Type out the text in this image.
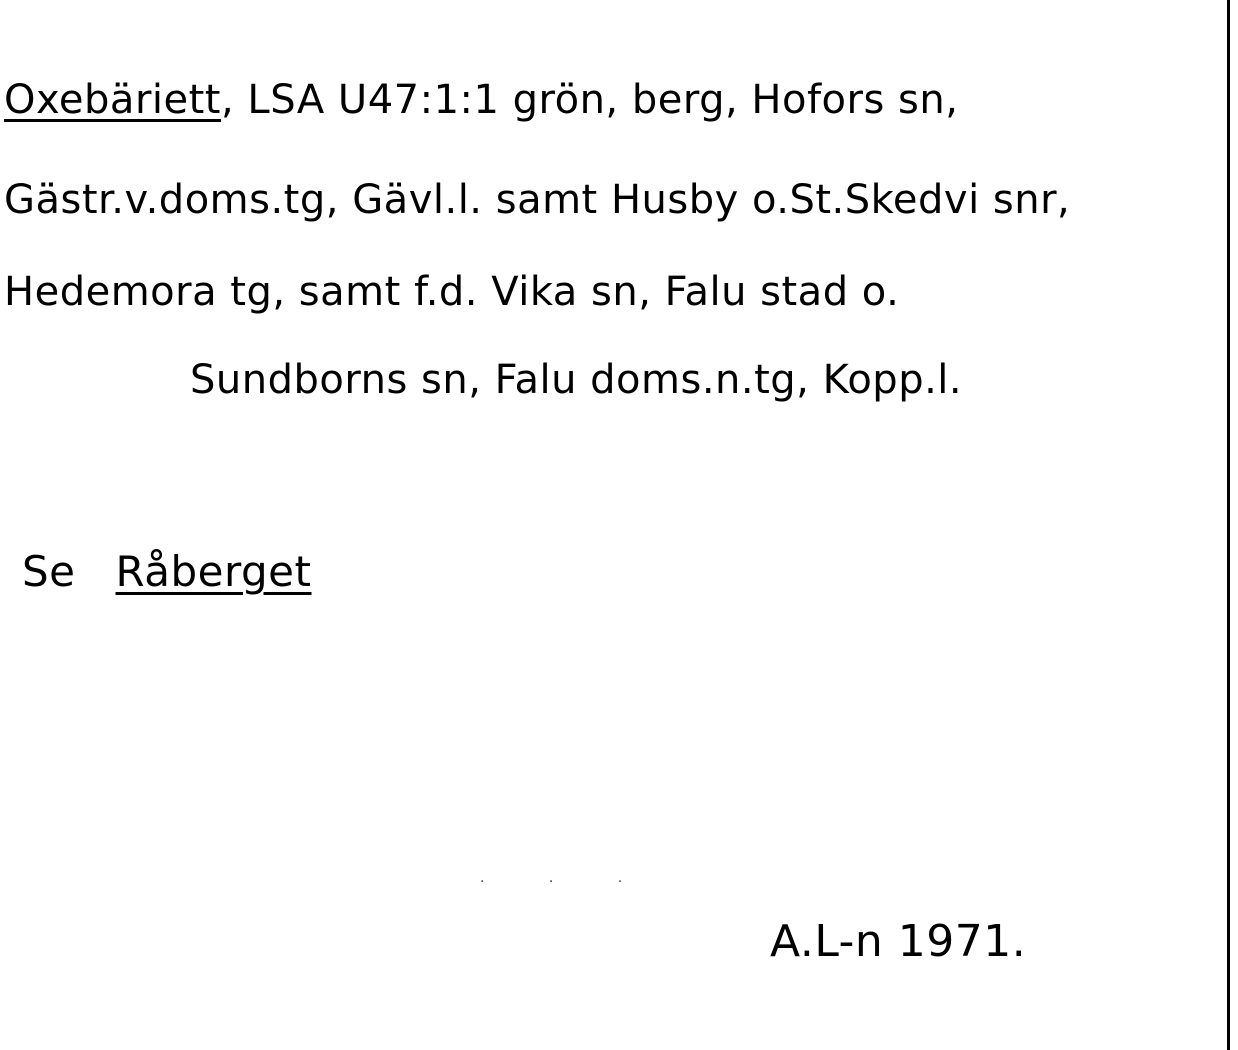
Oxebäriett, LSA U47:1:1 grön, berg, Hofors sn,
Gästr.v.doms.tg, Gävl.l. samt Husby o.St.Skedvi snr,
Hedemora tg, samt f.d. Vika sn, Falu stad o.
Sundborns sn, Falu doms.n.tg, Kopp.l.
Se Råberget
. . .
A.L-n 1971.
